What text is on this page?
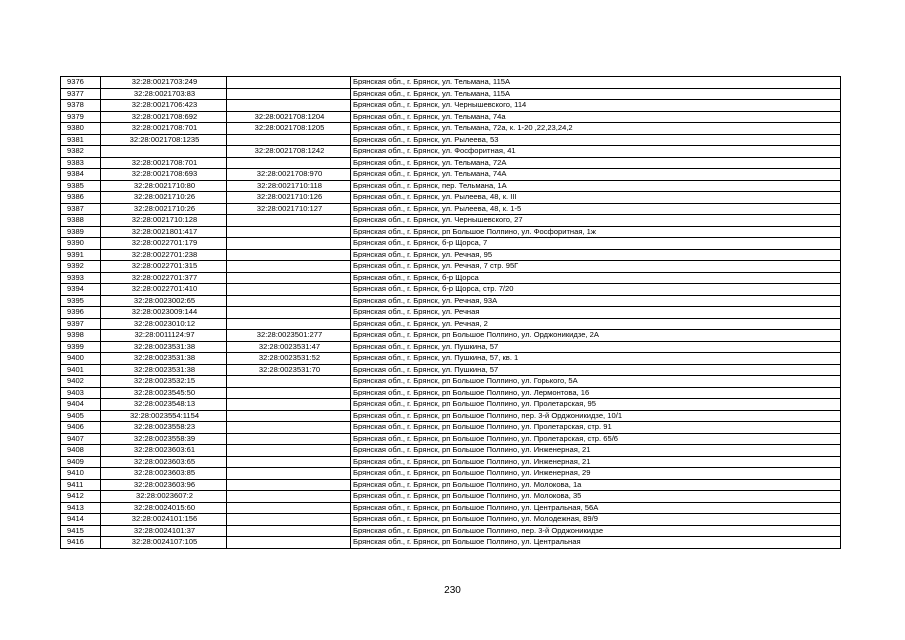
9376	32:28:0021703:249		Брянская обл., г. Брянск, ул. Тельмана, 115А
9377	32:28:0021703:83		Брянская обл., г. Брянск, ул. Тельмана, 115А
9378	32:28:0021706:423		Брянская обл., г. Брянск, ул. Чернышевского, 114
9379	32:28:0021708:692	32:28:0021708:1204	Брянская обл., г. Брянск, ул. Тельмана, 74а
9380	32:28:0021708:701	32:28:0021708:1205	Брянская обл., г. Брянск, ул. Тельмана, 72а, к. 1-20 ,22,23,24,2
9381	32:28:0021708:1235		Брянская обл., г. Брянск, ул. Рылеева, 53
9382		32:28:0021708:1242	Брянская обл., г. Брянск, ул. Фосфоритная, 41
9383	32:28:0021708:701		Брянская обл., г. Брянск, ул. Тельмана, 72А
9384	32:28:0021708:693	32:28:0021708:970	Брянская обл., г. Брянск, ул. Тельмана, 74А
9385	32:28:0021710:80	32:28:0021710:118	Брянская обл., г. Брянск, пер. Тельмана, 1А
9386	32:28:0021710:26	32:28:0021710:126	Брянская обл., г. Брянск, ул. Рылеева, 48, к. III
9387	32:28:0021710:26	32:28:0021710:127	Брянская обл., г. Брянск, ул. Рылеева, 48, к. 1-5
9388	32:28:0021710:128		Брянская обл., г. Брянск, ул. Чернышевского, 27
9389	32:28:0021801:417		Брянская обл., г. Брянск, рп Большое Полпино, ул. Фосфоритная, 1ж
9390	32:28:0022701:179		Брянская обл., г. Брянск, б-р Щорса, 7
9391	32:28:0022701:238		Брянская обл., г. Брянск, ул. Речная, 95
9392	32:28:0022701:315		Брянская обл., г. Брянск, ул. Речная, 7 стр. 95Г
9393	32:28:0022701:377		Брянская обл., г. Брянск, б-р Щорса
9394	32:28:0022701:410		Брянская обл., г. Брянск, б-р Щорса, стр. 7/20
9395	32:28:0023002:65		Брянская обл., г. Брянск, ул. Речная, 93А
9396	32:28:0023009:144		Брянская обл., г. Брянск, ул. Речная
9397	32:28:0023010:12		Брянская обл., г. Брянск, ул. Речная, 2
9398	32:28:0011124:97	32:28:0023501:277	Брянская обл., г. Брянск, рп Большое Полпино, ул. Орджоникидзе, 2А
9399	32:28:0023531:38	32:28:0023531:47	Брянская обл., г. Брянск, ул. Пушкина, 57
9400	32:28:0023531:38	32:28:0023531:52	Брянская обл., г. Брянск, ул. Пушкина, 57, кв. 1
9401	32:28:0023531:38	32:28:0023531:70	Брянская обл., г. Брянск, ул. Пушкина, 57
9402	32:28:0023532:15		Брянская обл., г. Брянск, рп Большое Полпино, ул. Горького, 5А
9403	32:28:0023545:50		Брянская обл., г. Брянск, рп Большое Полпино, ул. Лермонтова, 16
9404	32:28:0023548:13		Брянская обл., г. Брянск, рп Большое Полпино, ул. Пролетарская, 95
9405	32:28:0023554:1154		Брянская обл., г. Брянск, рп Большое Полпино, пер. 3-й Орджоникидзе, 10/1
9406	32:28:0023558:23		Брянская обл., г. Брянск, рп Большое Полпино, ул. Пролетарская, стр. 91
9407	32:28:0023558:39		Брянская обл., г. Брянск, рп Большое Полпино, ул. Пролетарская, стр. 65/6
9408	32:28:0023603:61		Брянская обл., г. Брянск, рп Большое Полпино, ул. Инженерная, 21
9409	32:28:0023603:65		Брянская обл., г. Брянск, рп Большое Полпино, ул. Инженерная, 21
9410	32:28:0023603:85		Брянская обл., г. Брянск, рп Большое Полпино, ул. Инженерная, 29
9411	32:28:0023603:96		Брянская обл., г. Брянск, рп Большое Полпино, ул. Молокова, 1а
9412	32:28:0023607:2		Брянская обл., г. Брянск, рп Большое Полпино, ул. Молокова, 35
9413	32:28:0024015:60		Брянская обл., г. Брянск, рп Большое Полпино, ул. Центральная, 56А
9414	32:28:0024101:156		Брянская обл., г. Брянск, рп Большое Полпино, ул. Молодежная, 89/9
9415	32:28:0024101:37		Брянская обл., г. Брянск, рп Большое Полпино, пер. 3-й Орджоникидзе
9416	32:28:0024107:105		Брянская обл., г. Брянск, рп Большое Полпино, ул. Центральная
230
